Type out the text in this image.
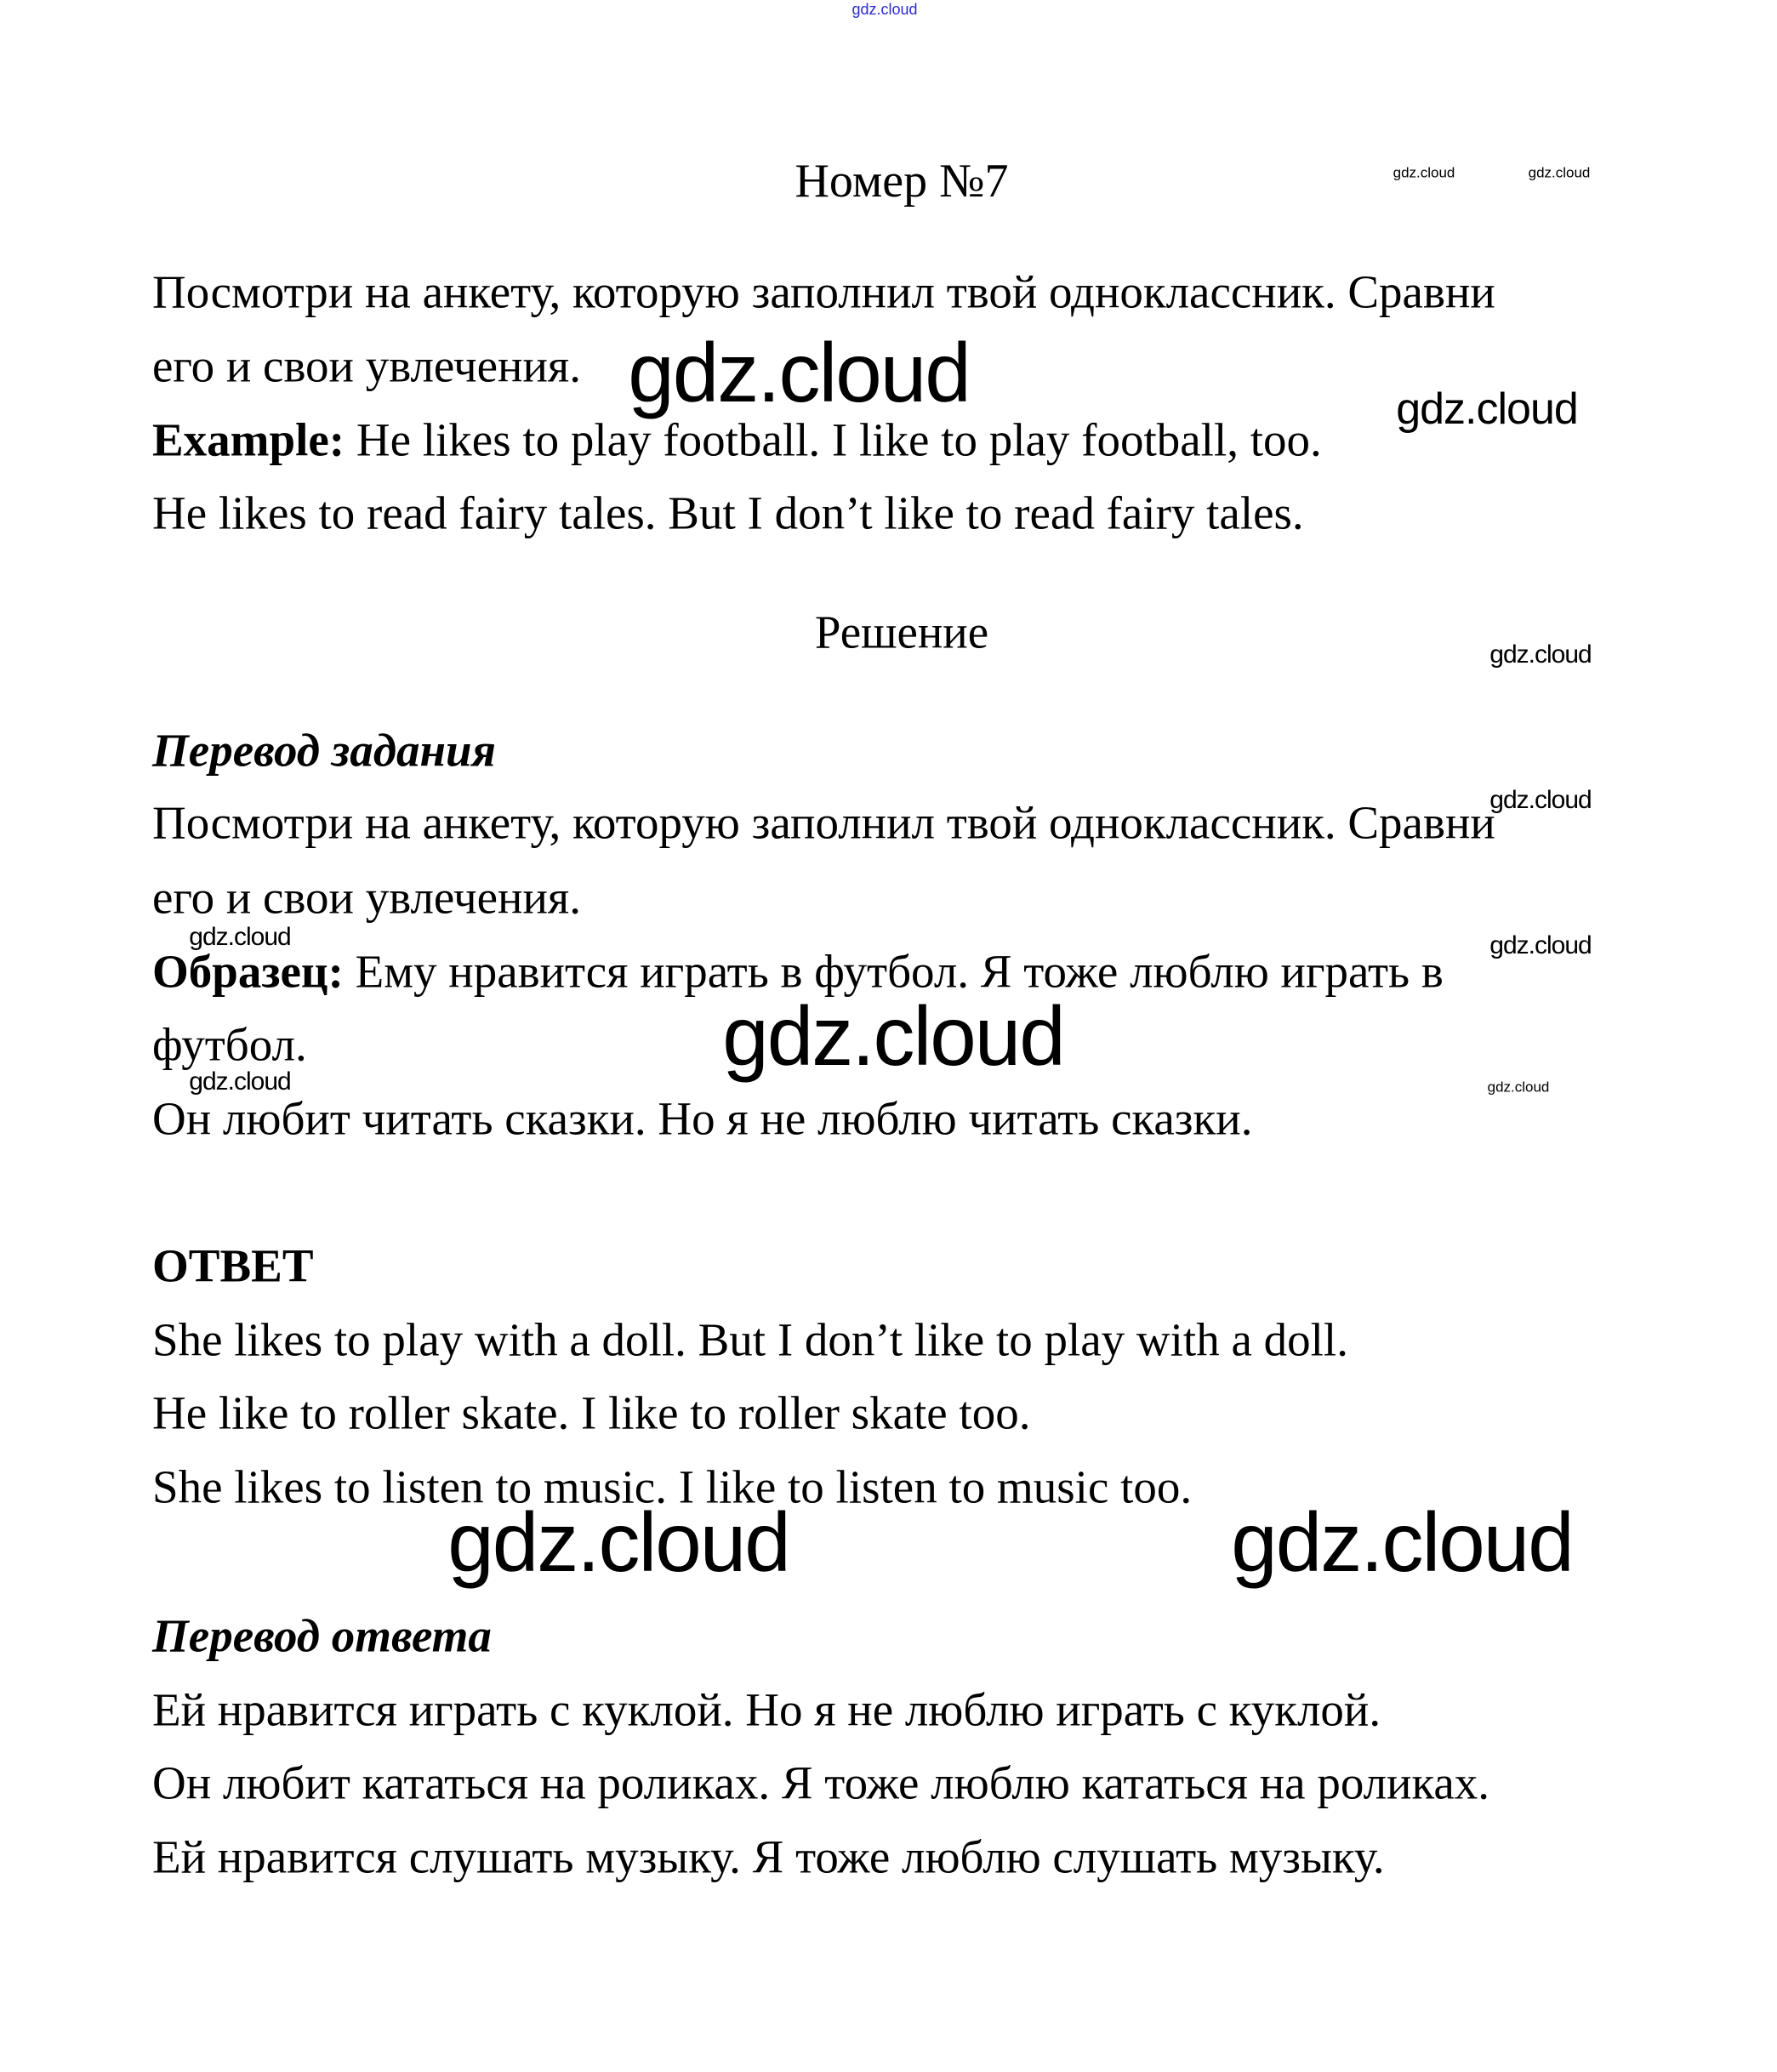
gdz.cloud
Номер №7	gdz.cloud	gdz.cloud
Посмотри на анкету, которую заполнил твой одноклассник. Сравни
его и свои увлечения.
Example: He likes to play football. I like to play football, too.
He likes to read fairy tales. But I don’t like to read fairy tales.
Решение
Перевод задания
Посмотри на анкету, которую заполнил твой одноклассник. Сравни
его и свои увлечения.
Образец: Ему нравится играть в футбол. Я тоже люблю играть в
футбол.
Он любит читать сказки. Но я не люблю читать сказки.
ОТВЕТ
She likes to play with a doll. But I don’t like to play with a doll.
He like to roller skate. I like to roller skate too.
She likes to listen to music. I like to listen to music too.
Перевод ответа
Ей нравится играть с куклой. Но я не люблю играть с куклой.
Он любит кататься на роликах. Я тоже люблю кататься на роликах.
Ей нравится слушать музыку. Я тоже люблю слушать музыку.
gdz.cloud	gdz.cloud
gdz.cloud
gdz.cloud
gdz.cloud
gdz.cloud
gdz.cloud
gdz.cloud	gdz.cloud
gdz.cloud	gdz.cloud
